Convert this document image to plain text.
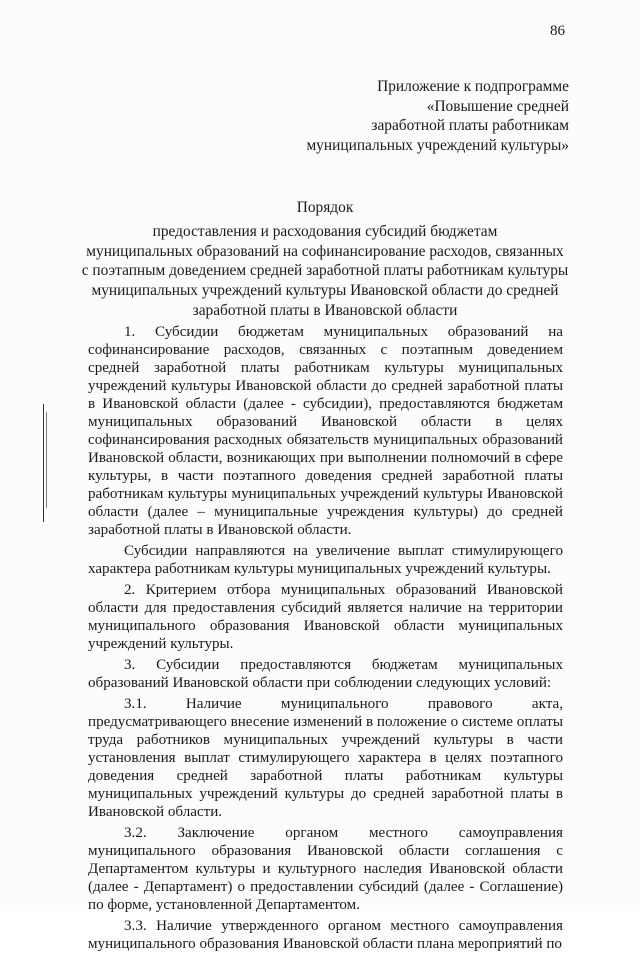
86
Приложение к подпрограмме
«Повышение средней
заработной платы работникам
муниципальных учреждений культуры»
Порядок
предоставления и расходования субсидий бюджетам
муниципальных образований на софинансирование расходов, связанных
с поэтапным доведением средней заработной платы работникам культуры
муниципальных учреждений культуры Ивановской области до средней
заработной платы в Ивановской области

1. Субсидии бюджетам муниципальных образований на софинансирование расходов, связанных с поэтапным доведением средней заработной платы работникам культуры муниципальных учреждений культуры Ивановской области до средней заработной платы в Ивановской области (далее - субсидии), предоставляются бюджетам муниципальных образований Ивановской области в целях софинансирования расходных обязательств муниципальных образований Ивановской области, возникающих при выполнении полномочий в сфере культуры, в части поэтапного доведения средней заработной платы работникам культуры муниципальных учреждений культуры Ивановской области (далее – муниципальные учреждения культуры) до средней заработной платы в Ивановской области.

Субсидии направляются на увеличение выплат стимулирующего характера работникам культуры муниципальных учреждений культуры.

2. Критерием отбора муниципальных образований Ивановской области для предоставления субсидий является наличие на территории муниципального образования Ивановской области муниципальных учреждений культуры.

3. Субсидии предоставляются бюджетам муниципальных образований Ивановской области при соблюдении следующих условий:

3.1. Наличие муниципального правового акта, предусматривающего внесение изменений в положение о системе оплаты труда работников муниципальных учреждений культуры в части установления выплат стимулирующего характера в целях поэтапного доведения средней заработной платы работникам культуры муниципальных учреждений культуры до средней заработной платы в Ивановской области.

3.2. Заключение органом местного самоуправления муниципального образования Ивановской области соглашения с Департаментом культуры и культурного наследия Ивановской области (далее - Департамент) о предоставлении субсидий (далее - Соглашение) по форме, установленной Департаментом.

3.3. Наличие утвержденного органом местного самоуправления муниципального образования Ивановской области плана мероприятий по
